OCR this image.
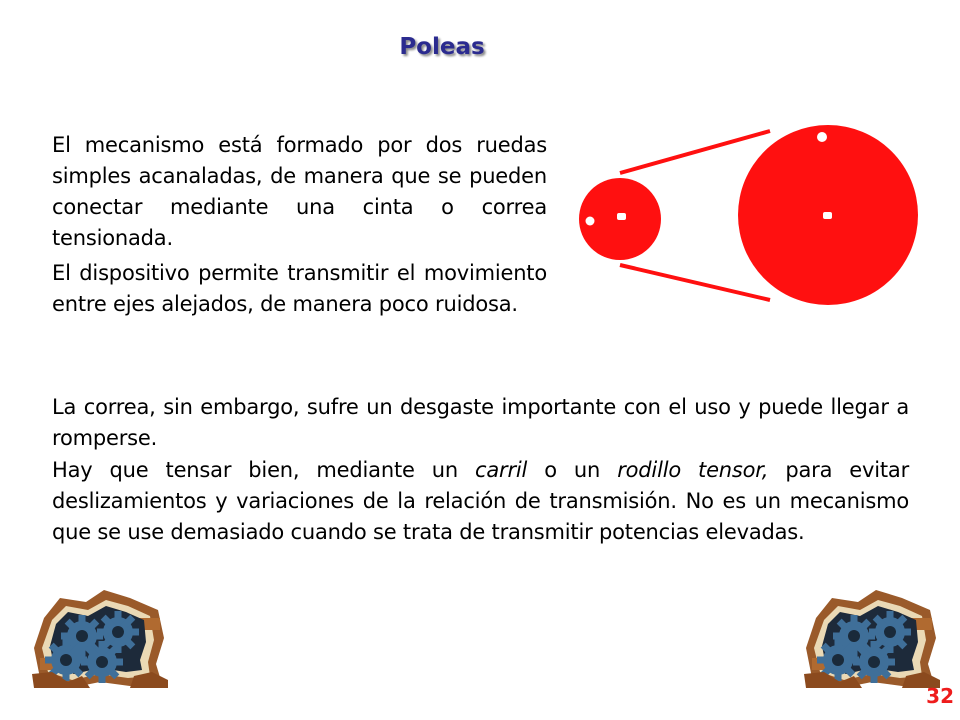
Poleas

El mecanismo está formado por dos ruedas simples acanaladas, de manera que se pueden conectar mediante una cinta o correa tensionada.

El dispositivo permite transmitir el movimiento entre ejes alejados, de manera poco ruidosa.

La correa, sin embargo, sufre un desgaste importante con el uso y puede llegar a romperse.

Hay que tensar bien, mediante un carril o un rodillo tensor, para evitar deslizamientos y variaciones de la relación de transmisión. No es un mecanismo que se use demasiado cuando se trata de transmitir potencias elevadas.

32
